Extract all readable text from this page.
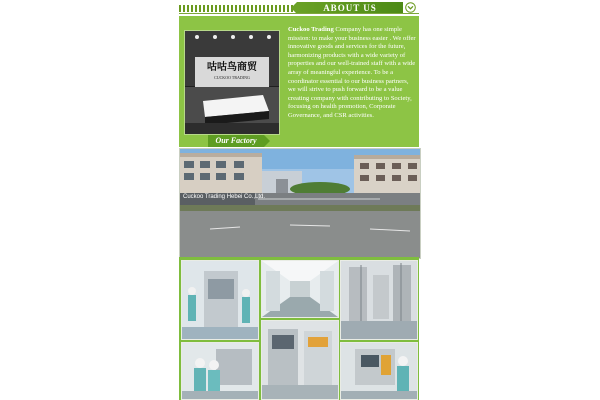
ABOUT US
咕咕鸟商贸
CUCKOO TRADING
Cuckoo Trading Company has one simple mission: to make your business easier . We offer innovative goods and services for the future, harmonizing products with a wide variety of properties and our well-trained staff with a wide array of meaningful experience. To be a coordinator essential to our business partners, we will strive to push forward to be a value creating company with contributing to Society, focusing on health promotion, Corporate Governance, and CSR activities.
Our Factory
Cuckoo Trading Hebei Co.,Ltd.
